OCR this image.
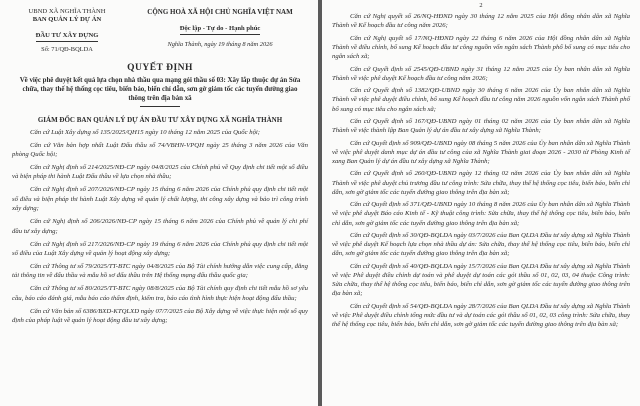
UBND XÃ NGHĨA THÀNH
BAN QUẢN LÝ DỰ ÁN
ĐẦU TƯ XÂY DỰNG
Số: 71/QĐ-BQLDA
CỘNG HOÀ XÃ HỘI CHỦ NGHĨA VIỆT NAM
Độc lập - Tự do - Hạnh phúc
Nghĩa Thành, ngày 19 tháng 8 năm 2026
QUYẾT ĐỊNH
Về việc phê duyệt kết quả lựa chọn nhà thầu qua mạng gói thầu số 03: Xây lắp thuộc dự án Sửa chữa, thay thế hệ thống cọc tiêu, biển báo, biển chỉ dẫn, sơn gờ giảm tốc các tuyến đường giao thông trên địa bàn xã
GIÁM ĐỐC BAN QUẢN LÝ DỰ ÁN ĐẦU TƯ XÂY DỰNG XÃ NGHĨA THÀNH
Căn cứ Luật Xây dựng số 135/2025/QH15 ngày 10 tháng 12 năm 2025 của Quốc hội;
Căn cứ Văn bản hợp nhất Luật Đấu thầu số 74/VBHN-VPQH ngày 25 tháng 3 năm 2026 của Văn phòng Quốc hội;
Căn cứ Nghị định số 214/2025/NĐ-CP ngày 04/8/2025 của Chính phủ về Quy định chi tiết một số điều và biện pháp thi hành Luật Đấu thầu về lựa chọn nhà thầu;
Căn cứ Nghị định số 207/2026/NĐ-CP ngày 15 tháng 6 năm 2026 của Chính phủ quy định chi tiết một số điều và biện pháp thi hành Luật Xây dựng về quản lý chất lượng, thi công xây dựng và bảo trì công trình xây dựng;
Căn cứ Nghị định số 206/2026/NĐ-CP ngày 15 tháng 6 năm 2026 của Chính phủ về quản lý chi phí đầu tư xây dựng;
Căn cứ Nghị định số 217/2026/NĐ-CP ngày 19 tháng 6 năm 2026 của Chính phủ quy định chi tiết một số điều của Luật Xây dựng về quản lý hoạt động xây dựng;
Căn cứ Thông tư số 79/2025/TT-BTC ngày 04/8/2025 của Bộ Tài chính hướng dẫn việc cung cấp, đăng tải thông tin về đấu thầu và mẫu hồ sơ đấu thầu trên Hệ thống mạng đấu thầu quốc gia;
Căn cứ Thông tư số 80/2025/TT-BTC ngày 08/8/2025 của Bộ Tài chính quy định chi tiết mẫu hồ sơ yêu cầu, báo cáo đánh giá, mẫu báo cáo thẩm định, kiểm tra, báo cáo tình hình thực hiện hoạt động đấu thầu;
Căn cứ Văn bản số 6386/BXD-KTQLXD ngày 07/7/2025 của Bộ Xây dựng về việc thực hiện một số quy định của pháp luật về quản lý hoạt động đầu tư xây dựng;
2
Căn cứ Nghị quyết số 26/NQ-HĐND ngày 30 tháng 12 năm 2025 của Hội đồng nhân dân xã Nghĩa Thành về Kế hoạch đầu tư công năm 2026;
Căn cứ Nghị quyết số 17/NQ-HĐND ngày 22 tháng 6 năm 2026 của Hội đồng nhân dân xã Nghĩa Thành về điều chỉnh, bổ sung Kế hoạch đầu tư công nguồn vốn ngân sách Thành phố bổ sung có mục tiêu cho ngân sách xã;
Căn cứ Quyết định số 2545/QĐ-UBND ngày 31 tháng 12 năm 2025 của Ủy ban nhân dân xã Nghĩa Thành về việc phê duyệt Kế hoạch đầu tư công năm 2026;
Căn cứ Quyết định số 1382/QĐ-UBND ngày 30 tháng 6 năm 2026 của Ủy ban nhân dân xã Nghĩa Thành về việc phê duyệt điều chỉnh, bổ sung Kế hoạch đầu tư công năm 2026 nguồn vốn ngân sách Thành phố bổ sung có mục tiêu cho ngân sách xã;
Căn cứ Quyết định số 167/QĐ-UBND ngày 01 tháng 02 năm 2026 của Ủy ban nhân dân xã Nghĩa Thành về việc thành lập Ban Quản lý dự án đầu tư xây dựng xã Nghĩa Thành;
Căn cứ Quyết định số 909/QĐ-UBND ngày 08 tháng 5 năm 2026 của Ủy ban nhân dân xã Nghĩa Thành về việc phê duyệt danh mục dự án đầu tư công của xã Nghĩa Thành giai đoạn 2026 - 2030 từ Phòng Kinh tế xang Ban Quản lý dự án đầu tư xây dựng xã Nghĩa Thành;
Căn cứ Quyết định số 260/QĐ-UBND ngày 12 tháng 02 năm 2026 của Ủy ban nhân dân xã Nghĩa Thành về việc phê duyệt chủ trương đầu tư công trình: Sửa chữa, thay thế hệ thống cọc tiêu, biển báo, biển chỉ dẫn, sơn gờ giảm tốc các tuyến đường giao thông trên địa bàn xã;
Căn cứ Quyết định số 371/QĐ-UBND ngày 10 tháng 8 năm 2026 của Ủy ban nhân dân xã Nghĩa Thành về việc phê duyệt Báo cáo Kinh tế - Kỹ thuật công trình: Sửa chữa, thay thế hệ thống cọc tiêu, biển báo, biển chỉ dẫn, sơn gờ giảm tốc các tuyến đường giao thông trên địa bàn xã;
Căn cứ Quyết định số 30/QĐ-BQLDA ngày 03/7/2026 của Ban QLDA Đầu tư xây dựng xã Nghĩa Thành về việc phê duyệt Kế hoạch lựa chọn nhà thầu dự án: Sửa chữa, thay thế hệ thống cọc tiêu, biển báo, biển chỉ dẫn, sơn gờ giảm tốc các tuyến đường giao thông trên địa bàn xã;
Căn cứ Quyết định số 40/QĐ-BQLDA ngày 15/7/2026 của Ban QLDA Đầu tư xây dựng xã Nghĩa Thành về việc Phê duyệt điều chỉnh dự toán và phê duyệt dự toán các gói thầu số 01, 02, 03, 04 thuộc Công trình: Sửa chữa, thay thế hệ thống cọc tiêu, biển báo, biển chỉ dẫn, sơn gờ giảm tốc các tuyến đường giao thông trên địa bàn xã;
Căn cứ Quyết định số 54/QĐ-BQLDA ngày 28/7/2026 của Ban QLDA Đầu tư xây dựng xã Nghĩa Thành về việc Phê duyệt điều chỉnh tổng mức đầu tư và dự toán các gói thầu số 01, 02, 03 công trình: Sửa chữa, thay thế hệ thống cọc tiêu, biển báo, biển chỉ dẫn, sơn gờ giảm tốc các tuyến đường giao thông trên địa bàn xã;
